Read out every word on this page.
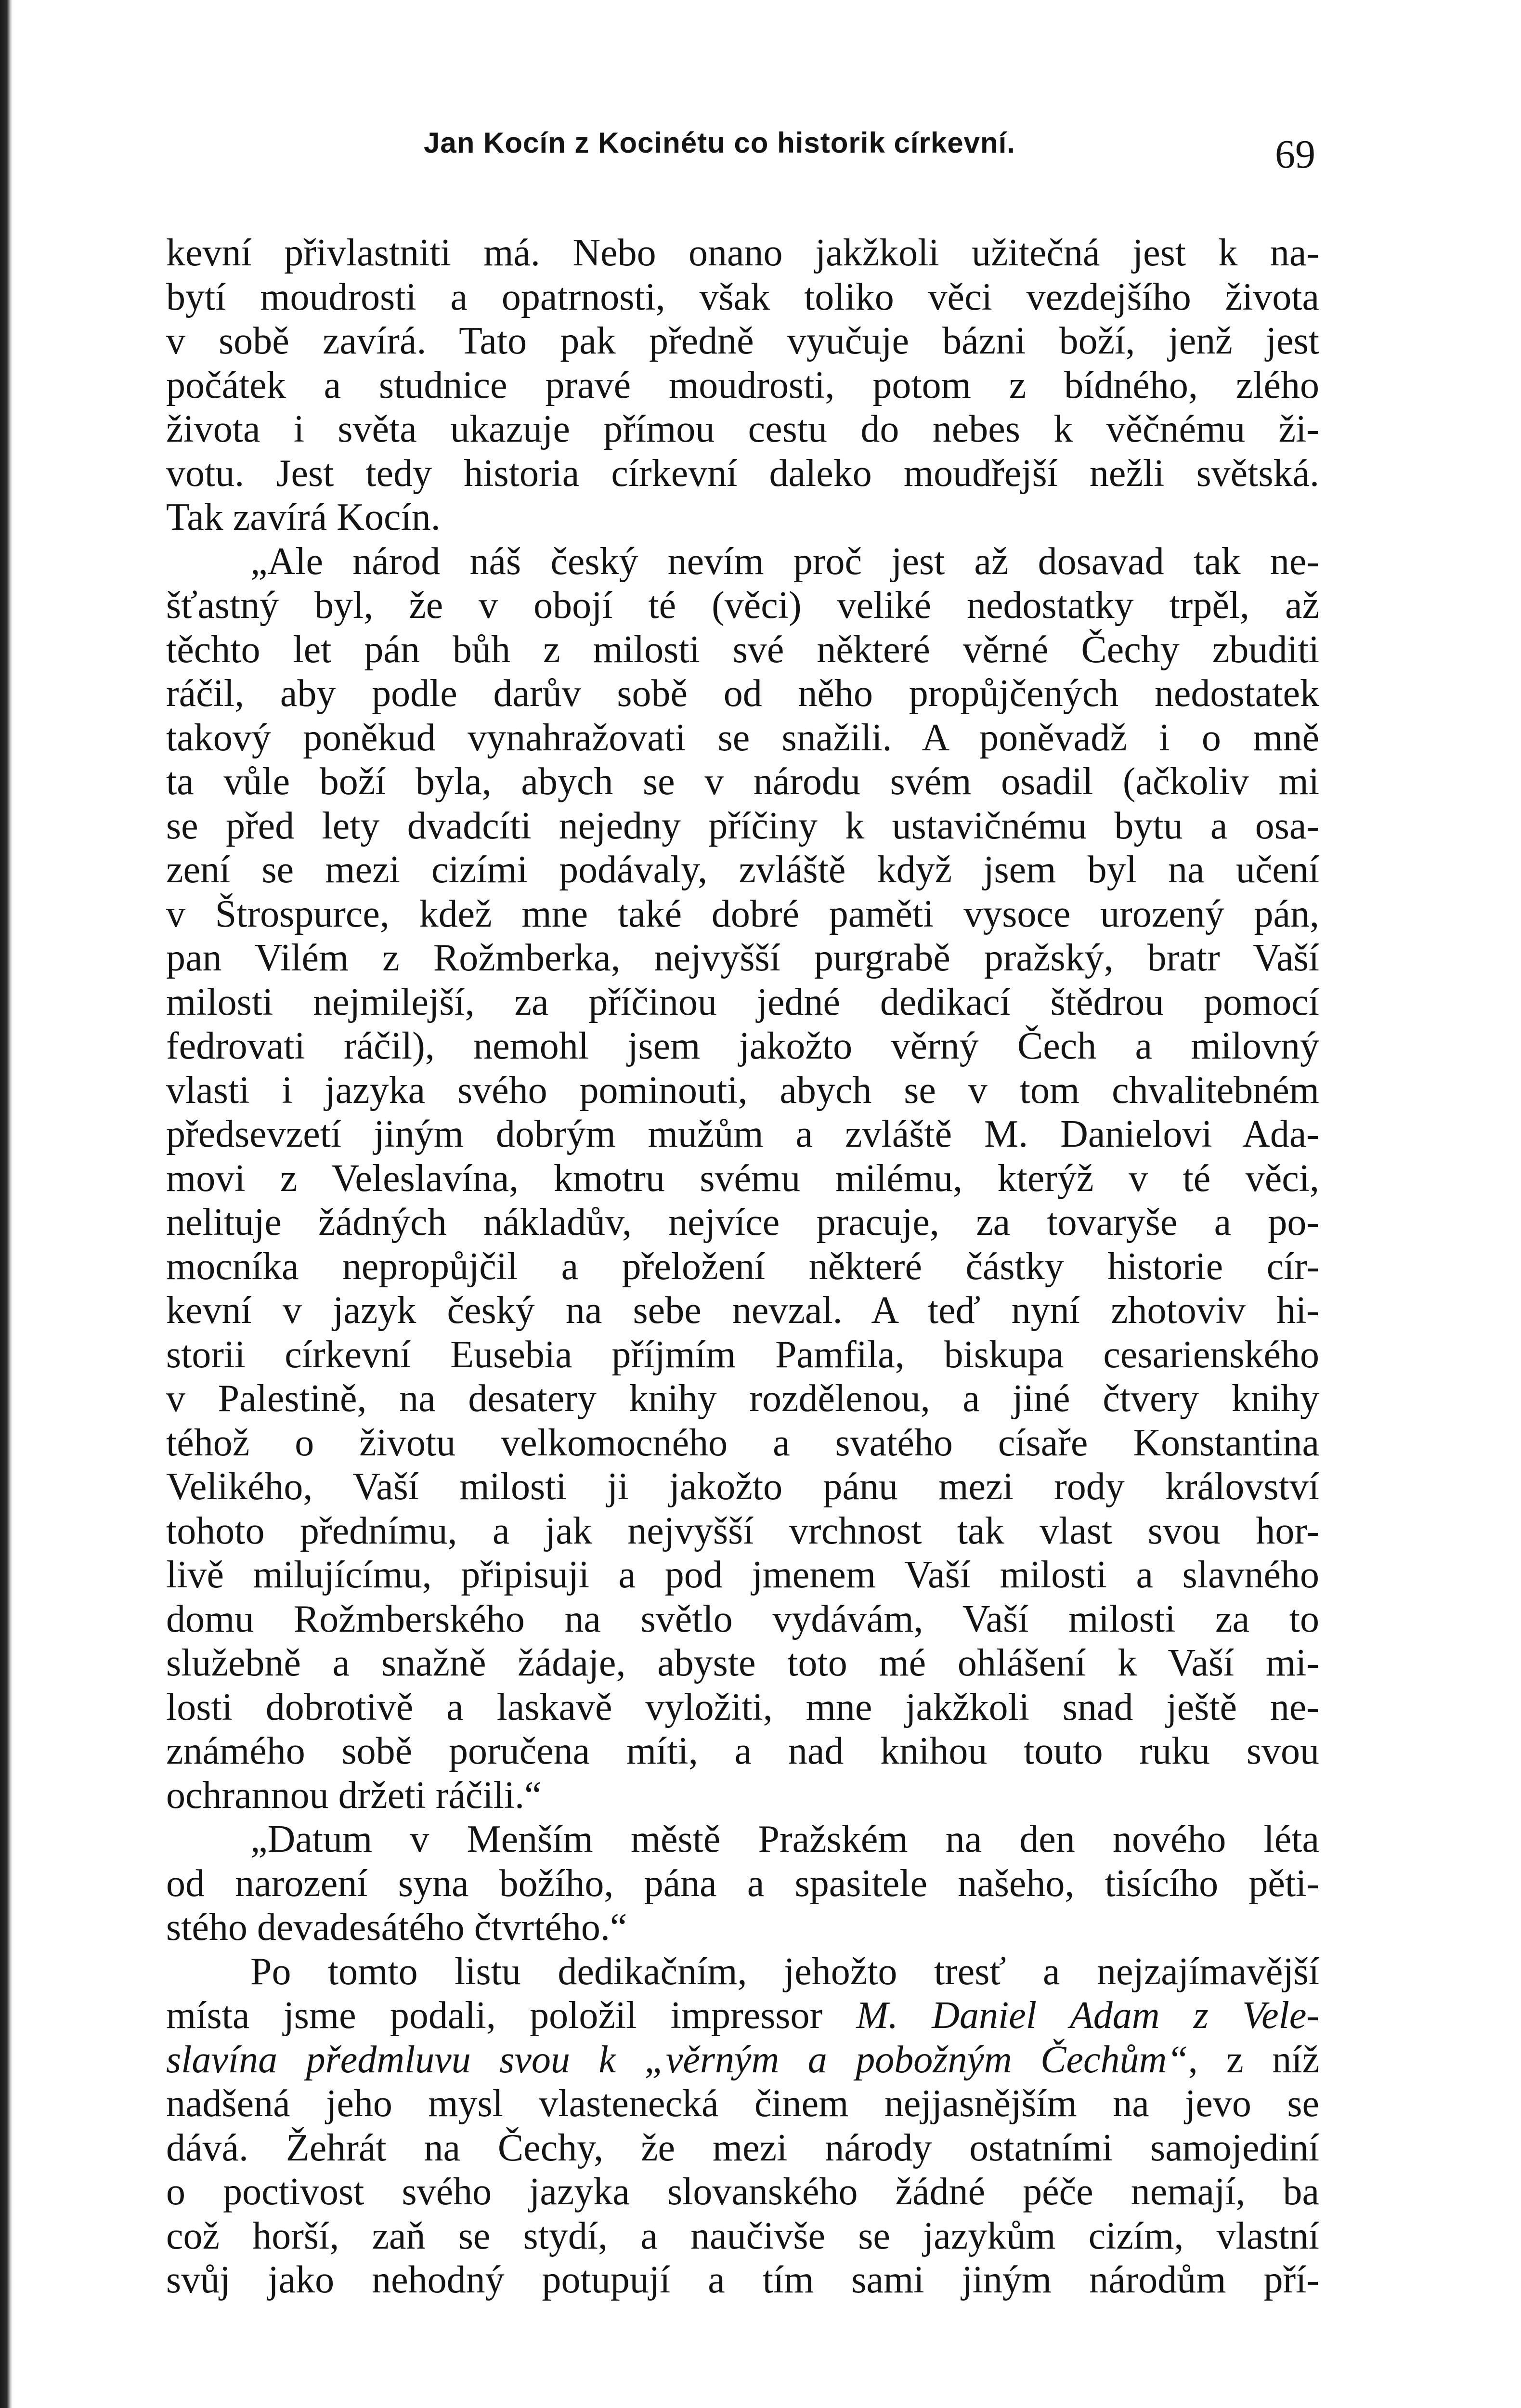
Jan Kocín z Kocinétu co historik církevní.	69
kevní přivlastniti má. Nebo onano jakžkoli užitečná jest k na-
bytí moudrosti a opatrnosti, však toliko věci vezdejšího života
v sobě zavírá. Tato pak předně vyučuje bázni boží, jenž jest
počátek a studnice pravé moudrosti, potom z bídného, zlého
života i světa ukazuje přímou cestu do nebes k věčnému ži-
votu. Jest tedy historia církevní daleko moudřejší nežli světská.
Tak zavírá Kocín.
„Ale národ náš český nevím proč jest až dosavad tak ne-
šťastný byl, že v obojí té (věci) veliké nedostatky trpěl, až
těchto let pán bůh z milosti své některé věrné Čechy zbuditi
ráčil, aby podle darův sobě od něho propůjčených nedostatek
takový poněkud vynahražovati se snažili. A poněvadž i o mně
ta vůle boží byla, abych se v národu svém osadil (ačkoliv mi
se před lety dvadcíti nejedny příčiny k ustavičnému bytu a osa-
zení se mezi cizími podávaly, zvláště když jsem byl na učení
v Štrospurce, kdež mne také dobré paměti vysoce urozený pán,
pan Vilém z Rožmberka, nejvyšší purgrabě pražský, bratr Vaší
milosti nejmilejší, za příčinou jedné dedikací štědrou pomocí
fedrovati ráčil), nemohl jsem jakožto věrný Čech a milovný
vlasti i jazyka svého pominouti, abych se v tom chvalitebném
předsevzetí jiným dobrým mužům a zvláště M. Danielovi Ada-
movi z Veleslavína, kmotru svému milému, kterýž v té věci,
nelituje žádných nákladův, nejvíce pracuje, za tovaryše a po-
mocníka nepropůjčil a přeložení některé částky historie cír-
kevní v jazyk český na sebe nevzal. A teď nyní zhotoviv hi-
storii církevní Eusebia příjmím Pamfila, biskupa cesarienského
v Palestině, na desatery knihy rozdělenou, a jiné čtvery knihy
téhož o životu velkomocného a svatého císaře Konstantina
Velikého, Vaší milosti ji jakožto pánu mezi rody království
tohoto přednímu, a jak nejvyšší vrchnost tak vlast svou hor-
livě milujícímu, připisuji a pod jmenem Vaší milosti a slavného
domu Rožmberského na světlo vydávám, Vaší milosti za to
služebně a snažně žádaje, abyste toto mé ohlášení k Vaší mi-
losti dobrotivě a laskavě vyložiti, mne jakžkoli snad ještě ne-
známého sobě poručena míti, a nad knihou touto ruku svou
ochrannou držeti ráčili.“
„Datum v Menším městě Pražském na den nového léta
od narození syna božího, pána a spasitele našeho, tisícího pěti-
stého devadesátého čtvrtého.“
Po tomto listu dedikačním, jehožto tresť a nejzajímavější
místa jsme podali, položil impressor M. Daniel Adam z Vele-
slavína předmluvu svou k „věrným a pobožným Čechům“, z níž
nadšená jeho mysl vlastenecká činem nejjasnějším na jevo se
dává. Žehrát na Čechy, že mezi národy ostatními samojediní
o poctivost svého jazyka slovanského žádné péče nemají, ba
což horší, zaň se stydí, a naučivše se jazykům cizím, vlastní
svůj jako nehodný potupují a tím sami jiným národům pří-
